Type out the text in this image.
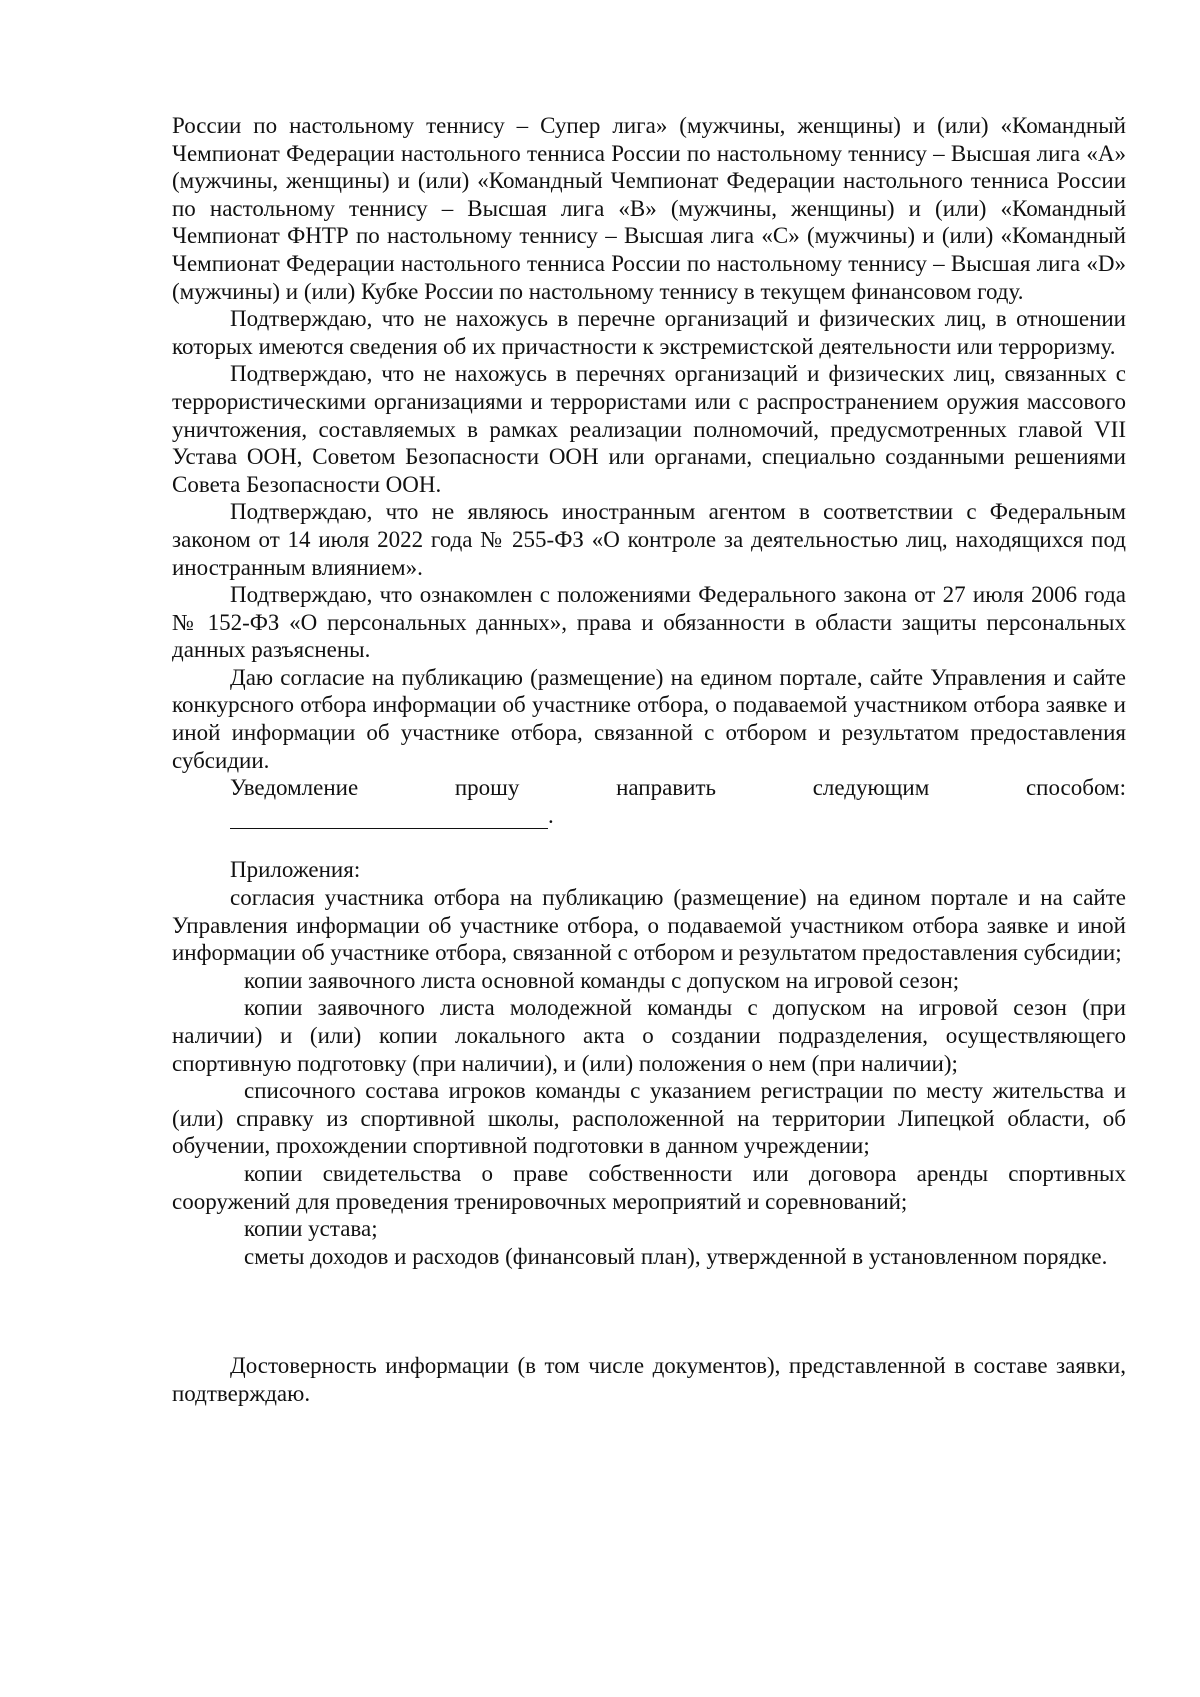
России по настольному теннису – Супер лига» (мужчины, женщины) и (или) «Командный Чемпионат Федерации настольного тенниса России по настольному теннису – Высшая лига «А» (мужчины, женщины) и (или) «Командный Чемпионат Федерации настольного тенниса России по настольному теннису – Высшая лига «В» (мужчины, женщины) и (или) «Командный Чемпионат ФНТР по настольному теннису – Высшая лига «С» (мужчины) и (или) «Командный Чемпионат Федерации настольного тенниса России по настольному теннису – Высшая лига «D» (мужчины) и (или) Кубке России по настольному теннису в текущем финансовом году.

Подтверждаю, что не нахожусь в перечне организаций и физических лиц, в отношении которых имеются сведения об их причастности к экстремистской деятельности или терроризму.

Подтверждаю, что не нахожусь в перечнях организаций и физических лиц, связанных с террористическими организациями и террористами или с распространением оружия массового уничтожения, составляемых в рамках реализации полномочий, предусмотренных главой VII Устава ООН, Советом Безопасности ООН или органами, специально созданными решениями Совета Безопасности ООН.

Подтверждаю, что не являюсь иностранным агентом в соответствии с Федеральным законом от 14 июля 2022 года № 255-ФЗ «О контроле за деятельностью лиц, находящихся под иностранным влиянием».

Подтверждаю, что ознакомлен с положениями Федерального закона от 27 июля 2006 года № 152-ФЗ «О персональных данных», права и обязанности в области защиты персональных данных разъяснены.

Даю согласие на публикацию (размещение) на едином портале, сайте Управления и сайте конкурсного отбора информации об участнике отбора, о подаваемой участником отбора заявке и иной информации об участнике отбора, связанной с отбором и результатом предоставления субсидии.

Уведомление	прошу	направить	следующим	способом:
.

Приложения:

согласия участника отбора на публикацию (размещение) на едином портале и на сайте Управления информации об участнике отбора, о подаваемой участником отбора заявке и иной информации об участнике отбора, связанной с отбором и результатом предоставления субсидии;

копии заявочного листа основной команды с допуском на игровой сезон;

копии заявочного листа молодежной команды с допуском на игровой сезон (при наличии) и (или) копии локального акта о создании подразделения, осуществляющего спортивную подготовку (при наличии), и (или) положения о нем (при наличии);

списочного состава игроков команды с указанием регистрации по месту жительства и (или) справку из спортивной школы, расположенной на территории Липецкой области, об обучении, прохождении спортивной подготовки в данном учреждении;

копии свидетельства о праве собственности или договора аренды спортивных сооружений для проведения тренировочных мероприятий и соревнований;

копии устава;

сметы доходов и расходов (финансовый план), утвержденной в установленном порядке.

Достоверность информации (в том числе документов), представленной в составе заявки, подтверждаю.
